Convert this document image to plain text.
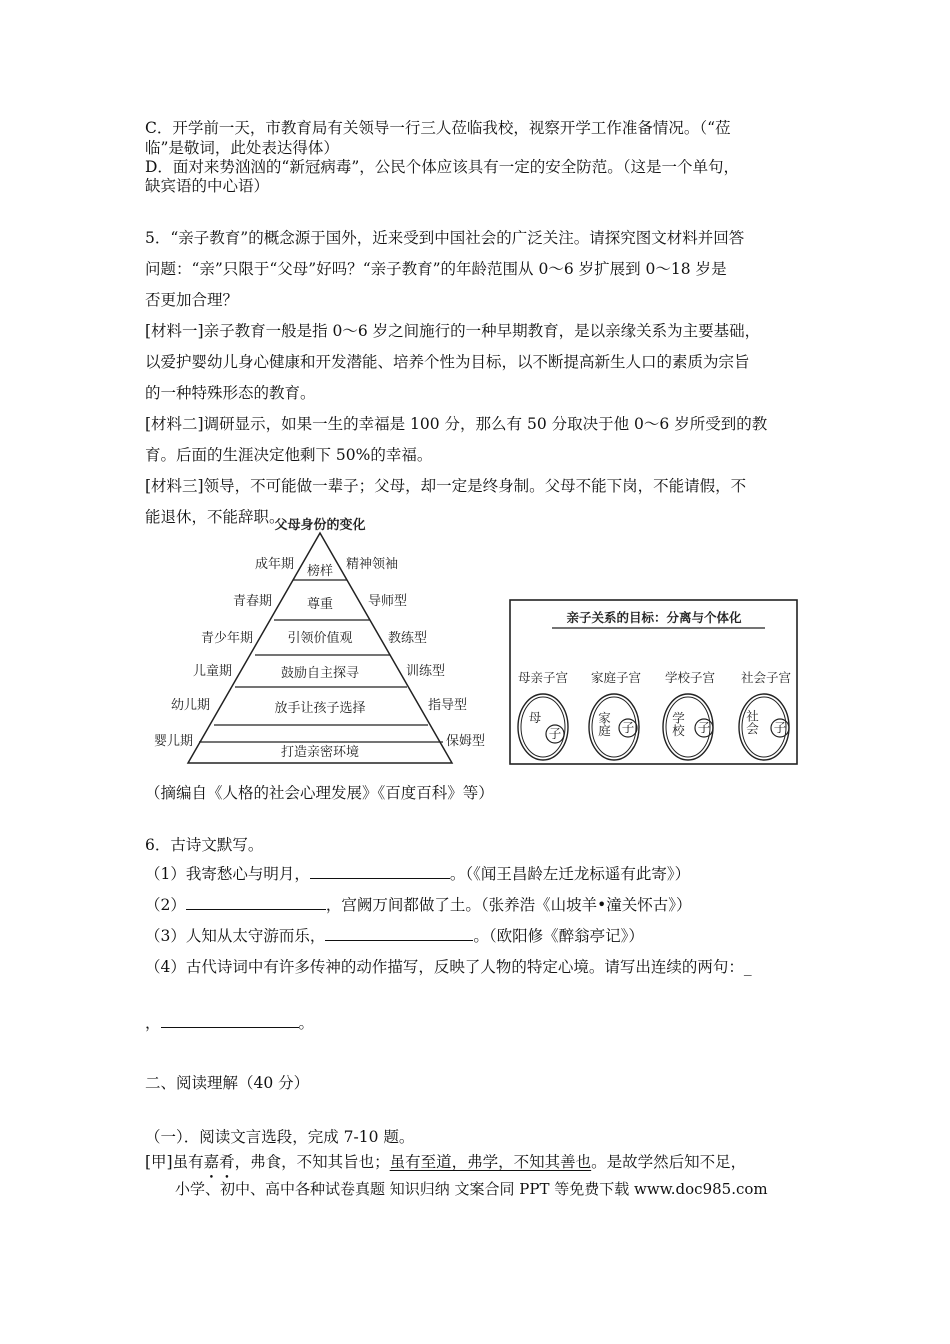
C．开学前一天，市教育局有关领导一行三人莅临我校，视察开学工作准备情况。（“莅
临”是敬词，此处表达得体）
D．面对来势汹汹的“新冠病毒”，公民个体应该具有一定的安全防范。（这是一个单句，
缺宾语的中心语）
5．“亲子教育”的概念源于国外，近来受到中国社会的广泛关注。请探究图文材料并回答
问题：“亲”只限于“父母”好吗？“亲子教育”的年龄范围从 0～6 岁扩展到 0～18 岁是
否更加合理？
[材料一]亲子教育一般是指 0～6 岁之间施行的一种早期教育，是以亲缘关系为主要基础，
以爱护婴幼儿身心健康和开发潜能、培养个性为目标，以不断提高新生人口的素质为宗旨
的一种特殊形态的教育。
[材料二]调研显示，如果一生的幸福是 100 分，那么有 50 分取决于他 0～6 岁所受到的教
育。后面的生涯决定他剩下 50%的幸福。
[材料三]领导，不可能做一辈子；父母，却一定是终身制。父母不能下岗，不能请假，不
能退休，不能辞职。
父母身份的变化
榜样
尊重
引领价值观
鼓励自主探寻
放手让孩子选择
打造亲密环境
成年期
青春期
青少年期
儿童期
幼儿期
婴儿期
精神领袖
导师型
教练型
训练型
指导型
保姆型
亲子关系的目标：分离与个体化
母亲子宫
母
子
家庭子宫
家庭 子
学校子宫
学校 子
社会子宫
社会 子
（摘编自《人格的社会心理发展》《百度百科》等）
6．古诗文默写。
（1）我寄愁心与明月，	。（《闻王昌龄左迁龙标遥有此寄》）
（2）	，宫阙万间都做了土。（张养浩《山坡羊•潼关怀古》）
（3）人知从太守游而乐，	。（欧阳修《醉翁亭记》）
（4）古代诗词中有许多传神的动作描写，反映了人物的特定心境。请写出连续的两句：_
，	。
二、阅读理解（40 分）
（一）．阅读文言选段，完成 7-10 题。
[甲]虽有嘉肴，弗食，不知其旨也；虽有至道，弗学，不知其善也。是故学然后知不足，
小学、初中、高中各种试卷真题 知识归纳 文案合同 PPT 等免费下载 www.doc985.com
